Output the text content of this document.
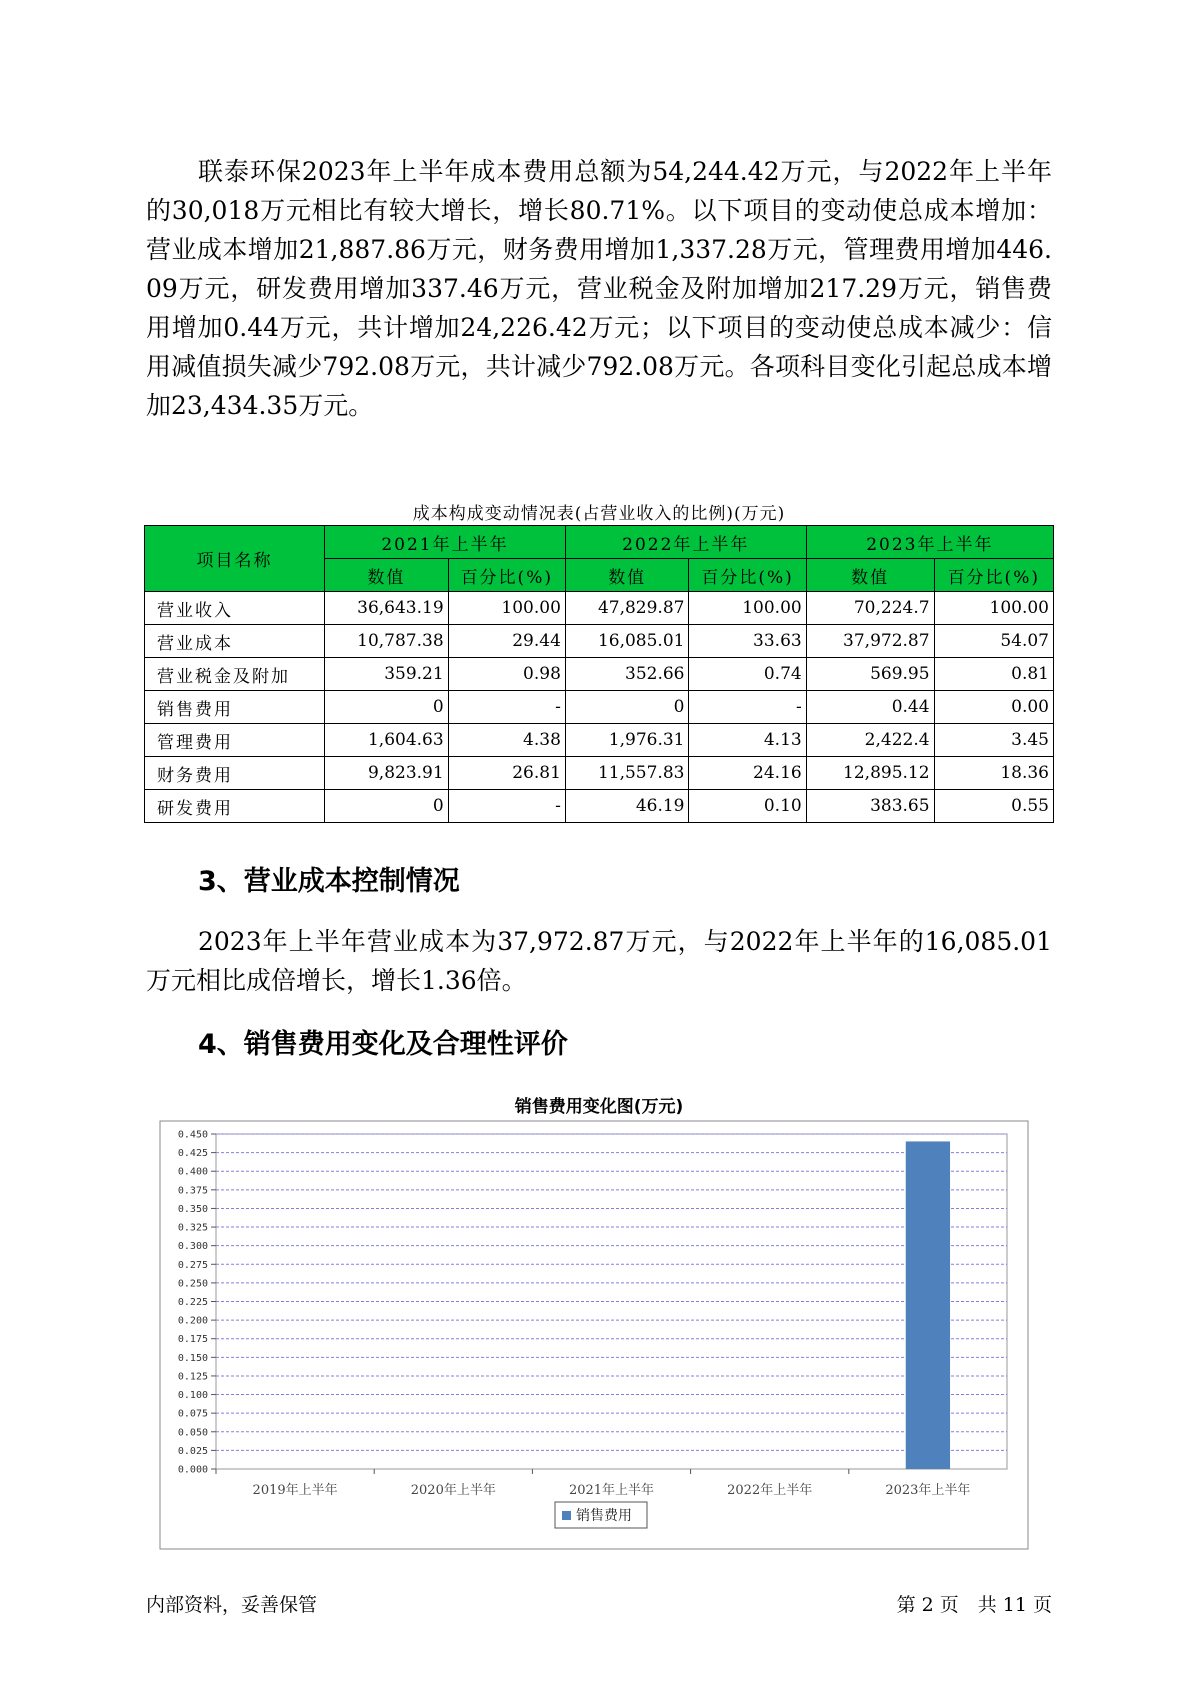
联泰环保2023年上半年成本费用总额为54,244.42万元，与2022年上半年的30,018万元相比有较大增长，增长80.71%。以下项目的变动使总成本增加：营业成本增加21,887.86万元，财务费用增加1,337.28万元，管理费用增加446.09万元，研发费用增加337.46万元，营业税金及附加增加217.29万元，销售费用增加0.44万元，共计增加24,226.42万元；以下项目的变动使总成本减少：信用减值损失减少792.08万元，共计减少792.08万元。各项科目变化引起总成本增加23,434.35万元。

成本构成变动情况表(占营业收入的比例)(万元)
项目名称	2021年上半年		2022年上半年		2023年上半年	
	数值	百分比(%)	数值	百分比(%)	数值	百分比(%)
营业收入	36,643.19	100.00	47,829.87	100.00	70,224.7	100.00
营业成本	10,787.38	29.44	16,085.01	33.63	37,972.87	54.07
营业税金及附加	359.21	0.98	352.66	0.74	569.95	0.81
销售费用	0	-	0	-	0.44	0.00
管理费用	1,604.63	4.38	1,976.31	4.13	2,422.4	3.45
财务费用	9,823.91	26.81	11,557.83	24.16	12,895.12	18.36
研发费用	0	-	46.19	0.10	383.65	0.55
3、营业成本控制情况

2023年上半年营业成本为37,972.87万元，与2022年上半年的16,085.01万元相比成倍增长，增长1.36倍。

4、销售费用变化及合理性评价
销售费用变化图(万元)
0.000
0.025
0.050
0.075
0.100
0.125
0.150
0.175
0.200
0.225
0.250
0.275
0.300
0.325
0.350
0.375
0.400
0.425
0.450
2019年上半年	2020年上半年	2021年上半年	2022年上半年	2023年上半年
销售费用
内部资料，妥善保管	第 2 页　共 11 页
